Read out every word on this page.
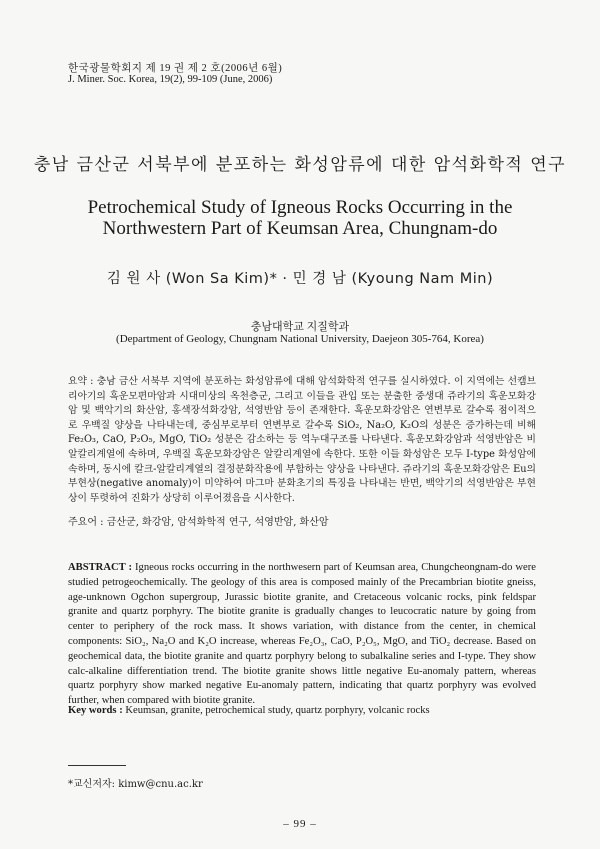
한국광물학회지 제 19 권 제 2 호(2006년 6월)
J. Miner. Soc. Korea, 19(2), 99-109 (June, 2006)
충남 금산군 서북부에 분포하는 화성암류에 대한 암석화학적 연구
Petrochemical Study of Igneous Rocks Occurring in the
Northwestern Part of Keumsan Area, Chungnam-do
김 원 사 (Won Sa Kim)* · 민 경 남 (Kyoung Nam Min)
충남대학교 지질학과
(Department of Geology, Chungnam National University, Daejeon 305-764, Korea)
요약 : 충남 금산 서북부 지역에 분포하는 화성암류에 대해 암석화학적 연구를 실시하였다. 이 지역에는 선캠브리아기의 흑운모편마암과 시대미상의 옥천층군, 그리고 이들을 관입 또는 분출한 중생대 쥬라기의 흑운모화강암 및 백악기의 화산암, 홍색장석화강암, 석영반암 등이 존재한다. 흑운모화강암은 연변부로 갈수록 점이적으로 우백질 양상을 나타내는데, 중심부로부터 연변부로 갈수록 SiO₂, Na₂O, K₂O의 성분은 증가하는데 비해 Fe₂O₃, CaO, P₂O₅, MgO, TiO₂ 성분은 감소하는 등 역누대구조를 나타낸다. 흑운모화강암과 석영반암은 비알칼리계열에 속하며, 우백질 흑운모화강암은 알칼리계열에 속한다. 또한 이들 화성암은 모두 I-type 화성암에 속하며, 동시에 칼크-알칼리계열의 결정분화작용에 부합하는 양상을 나타낸다. 쥬라기의 흑운모화강암은 Eu의 부현상(negative anomaly)이 미약하여 마그마 분화초기의 특징을 나타내는 반면, 백악기의 석영반암은 부현상이 뚜렷하여 진화가 상당히 이루어졌음을 시사한다.
주요어 : 금산군, 화강암, 암석화학적 연구, 석영반암, 화산암
ABSTRACT : Igneous rocks occurring in the northwesern part of Keumsan area, Chungcheongnam-do were studied petrogeochemically. The geology of this area is composed mainly of the Precambrian biotite gneiss, age-unknown Ogchon supergroup, Jurassic biotite granite, and Cretaceous volcanic rocks, pink feldspar granite and quartz porphyry. The biotite granite is gradually changes to leucocratic nature by going from center to periphery of the rock mass. It shows variation, with distance from the center, in chemical components: SiO₂, Na₂O and K₂O increase, whereas Fe₂O₃, CaO, P₂O₅, MgO, and TiO₂ decrease. Based on geochemical data, the biotite granite and quartz porphyry belong to subalkaline series and I-type. They show calc-alkaline differentiation trend. The biotite granite shows little negative Eu-anomaly pattern, whereas quartz porphyry show marked negative Eu-anomaly pattern, indicating that quartz porphyry was evolved further, when compared with biotite granite.
Key words : Keumsan, granite, petrochemical study, quartz porphyry, volcanic rocks
*교신저자: kimw@cnu.ac.kr
– 99 –
